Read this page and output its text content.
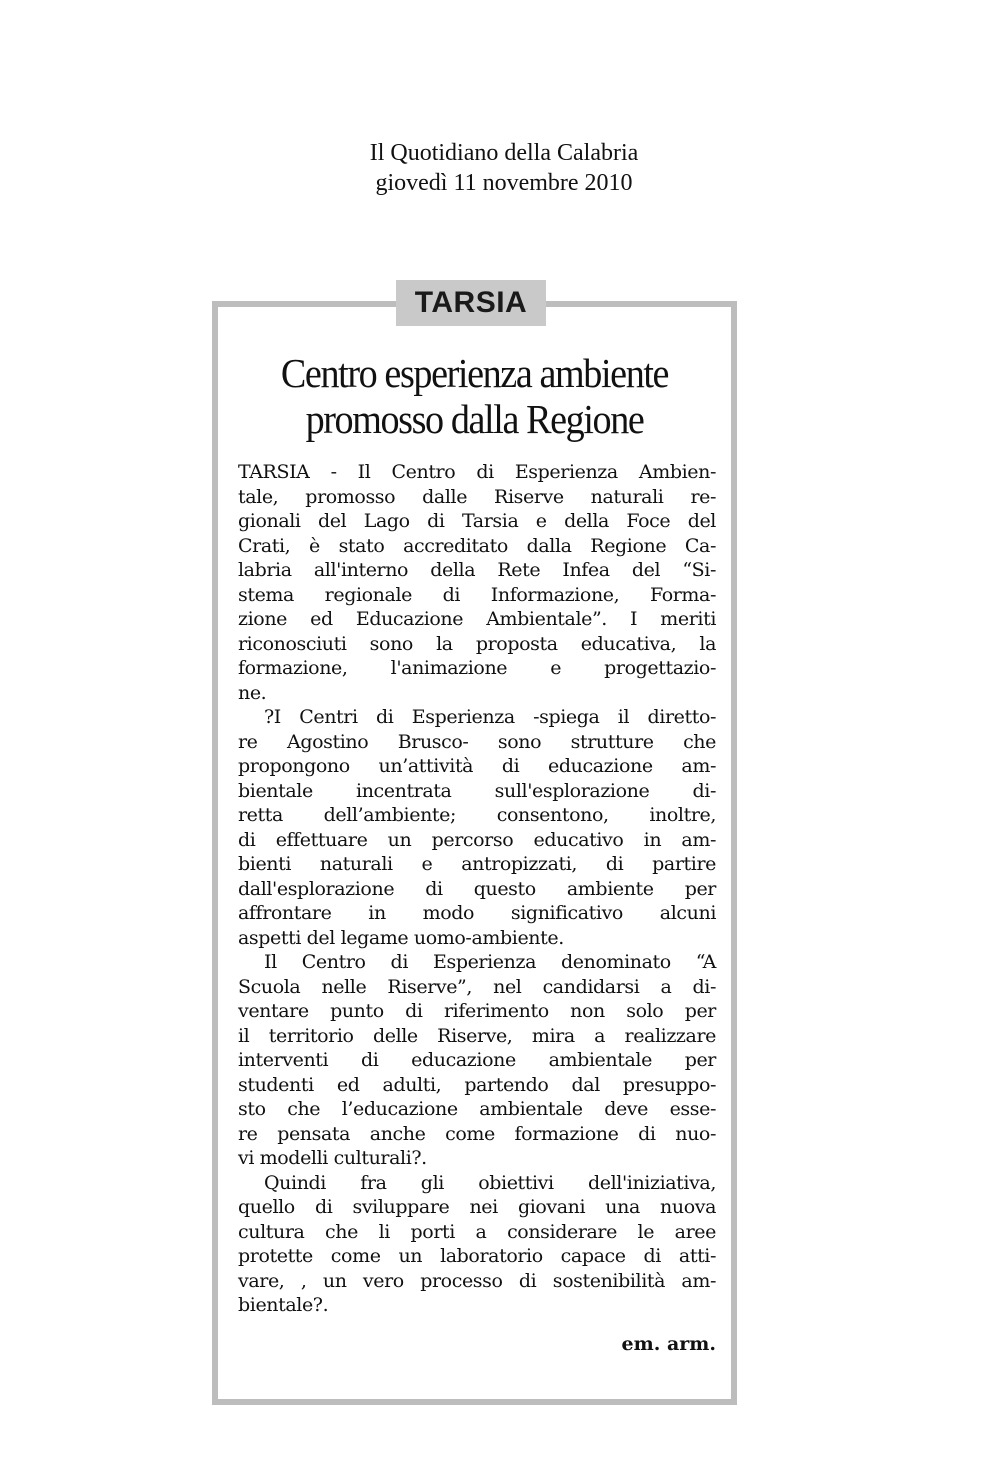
Il Quotidiano della Calabria
giovedì 11 novembre 2010
TARSIA
Centro esperienza ambiente
promosso dalla Regione
TARSIA - Il Centro di Esperienza Ambien-
tale, promosso dalle Riserve naturali re-
gionali del Lago di Tarsia e della Foce del
Crati, è stato accreditato dalla Regione Ca-
labria all'interno della Rete Infea del “Si-
stema regionale di Informazione, Forma-
zione ed Educazione Ambientale”. I meriti
riconosciuti sono la proposta educativa, la
formazione, l'animazione e progettazio-
ne.
?I Centri di Esperienza -spiega il diretto-
re Agostino Brusco- sono strutture che
propongono un’attività di educazione am-
bientale incentrata sull'esplorazione di-
retta dell’ambiente; consentono, inoltre,
di effettuare un percorso educativo in am-
bienti naturali e antropizzati, di partire
dall'esplorazione di questo ambiente per
affrontare in modo significativo alcuni
aspetti del legame uomo-ambiente.
Il Centro di Esperienza denominato “A
Scuola nelle Riserve”, nel candidarsi a di-
ventare punto di riferimento non solo per
il territorio delle Riserve, mira a realizzare
interventi di educazione ambientale per
studenti ed adulti, partendo dal presuppo-
sto che l’educazione ambientale deve esse-
re pensata anche come formazione di nuo-
vi modelli culturali?.
Quindi fra gli obiettivi dell'iniziativa,
quello di sviluppare nei giovani una nuova
cultura che li porti a considerare le aree
protette come un laboratorio capace di atti-
vare, , un vero processo di sostenibilità am-
bientale?.
em. arm.
